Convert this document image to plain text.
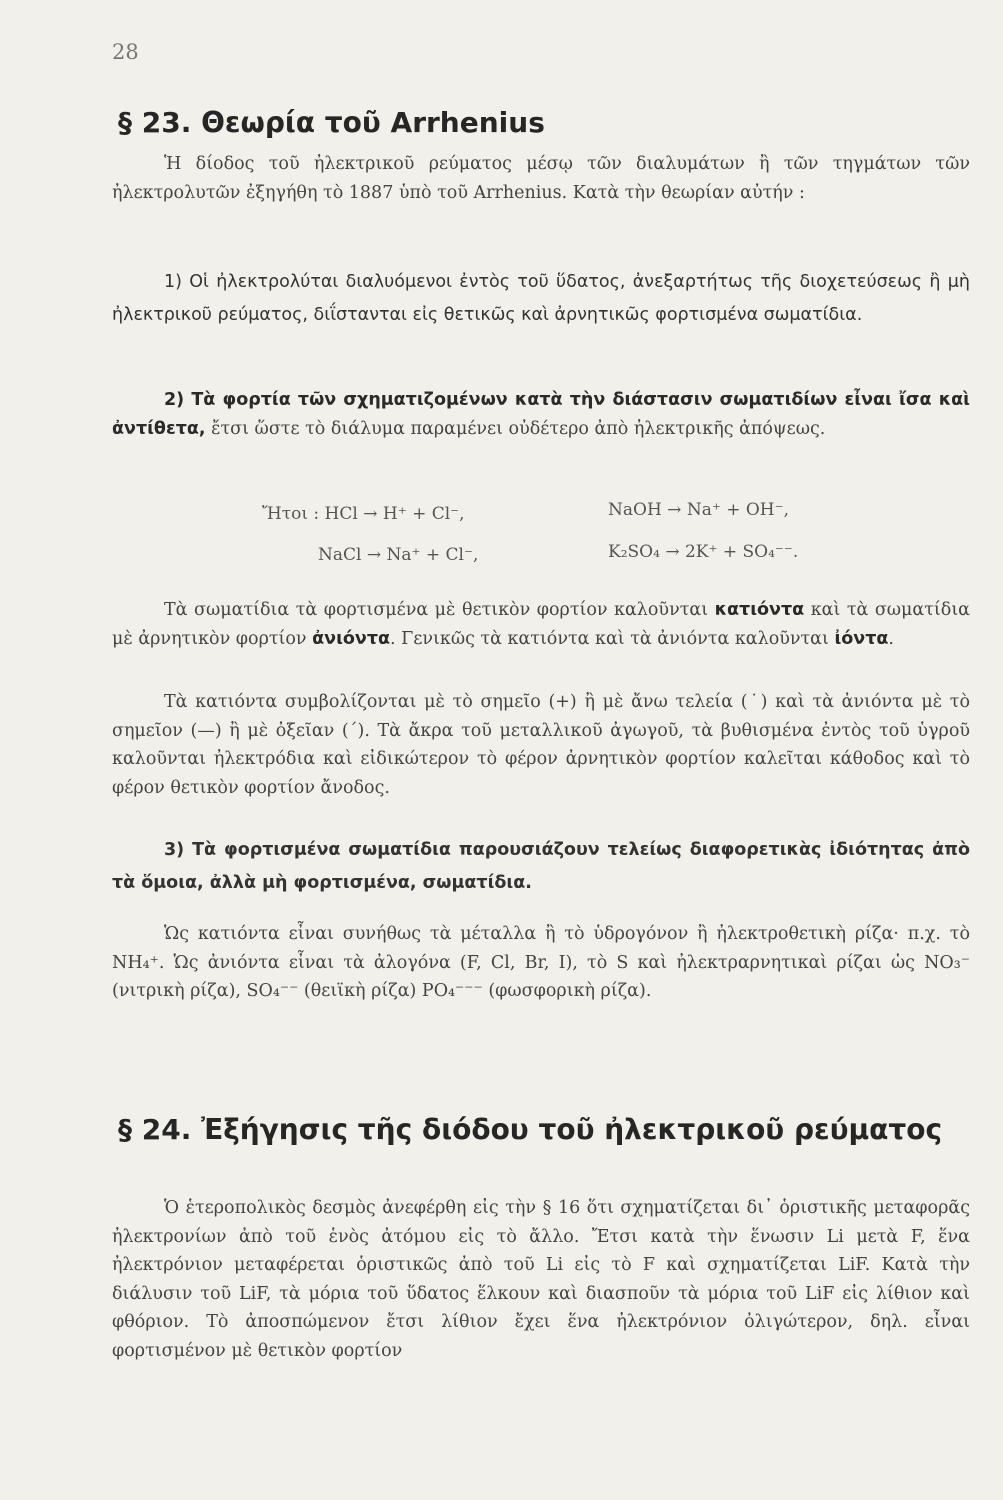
28
§ 23. Θεωρία τοῦ Arrhenius
Ἡ δίοδος τοῦ ἠλεκτρικοῦ ρεύματος μέσῳ τῶν διαλυμάτων ἢ τῶν τηγμάτων τῶν ἠλεκτρολυτῶν ἐξηγήθη τὸ 1887 ὑπὸ τοῦ Arrhenius. Κατὰ τὴν θεωρίαν αὐτήν :
1) Οἱ ἠλεκτρολύται διαλυόμενοι ἐντὸς τοῦ ὕδατος, ἀνεξαρτήτως τῆς διοχετεύσεως ἢ μὴ ἠλεκτρικοῦ ρεύματος, διΐστανται εἰς θετικῶς καὶ ἀρνητικῶς φορτισμένα σωματίδια.
2) Τὰ φορτία τῶν σχηματιζομένων κατὰ τὴν διάστασιν σωματιδίων εἶναι ἴσα καὶ ἀντίθετα, ἔτσι ὥστε τὸ διάλυμα παραμένει οὐδέτερο ἀπὸ ἠλεκτρικῆς ἀπόψεως.
Ἤτοι : HCl → H⁺ + Cl⁻,	NaOH → Na⁺ + OH⁻,
NaCl → Na⁺ + Cl⁻,	K₂SO₄ → 2K⁺ + SO₄⁻⁻.
Τὰ σωματίδια τὰ φορτισμένα μὲ θετικὸν φορτίον καλοῦνται κατιόντα καὶ τὰ σωματίδια μὲ ἀρνητικὸν φορτίον ἀνιόντα. Γενικῶς τὰ κατιόντα καὶ τὰ ἀνιόντα καλοῦνται ἰόντα.
Τὰ κατιόντα συμβολίζονται μὲ τὸ σημεῖο (+) ἢ μὲ ἄνω τελεία (˙) καὶ τὰ ἀνιόντα μὲ τὸ σημεῖον (—) ἢ μὲ ὀξεῖαν (΄). Τὰ ἄκρα τοῦ μεταλλικοῦ ἀγωγοῦ, τὰ βυθισμένα ἐντὸς τοῦ ὑγροῦ καλοῦνται ἠλεκτρόδια καὶ εἰδικώτερον τὸ φέρον ἀρνητικὸν φορτίον καλεῖται κάθοδος καὶ τὸ φέρον θετικὸν φορτίον ἄνοδος.
3) Τὰ φορτισμένα σωματίδια παρουσιάζουν τελείως διαφορετικὰς ἰδιότητας ἀπὸ τὰ ὅμοια, ἀλλὰ μὴ φορτισμένα, σωματίδια.
Ὡς κατιόντα εἶναι συνήθως τὰ μέταλλα ἢ τὸ ὑδρογόνον ἢ ἠλεκτροθετικὴ ρίζα· π.χ. τὸ NH₄⁺. Ὡς ἀνιόντα εἶναι τὰ ἀλογόνα (F, Cl, Br, I), τὸ S καὶ ἠλεκτραρνητικαὶ ρίζαι ὡς NO₃⁻ (νιτρικὴ ρίζα), SO₄⁻⁻ (θειϊκὴ ρίζα) PO₄⁻⁻⁻ (φωσφορικὴ ρίζα).
§ 24. Ἐξήγησις τῆς διόδου τοῦ ἠλεκτρικοῦ ρεύματος
Ὁ ἑτεροπολικὸς δεσμὸς ἀνεφέρθη εἰς τὴν § 16 ὅτι σχηματίζεται δι᾽ ὁριστικῆς μεταφορᾶς ἠλεκτρονίων ἀπὸ τοῦ ἑνὸς ἀτόμου εἰς τὸ ἄλλο. Ἔτσι κατὰ τὴν ἕνωσιν Li μετὰ F, ἕνα ἠλεκτρόνιον μεταφέρεται ὁριστικῶς ἀπὸ τοῦ Li εἰς τὸ F καὶ σχηματίζεται LiF. Κατὰ τὴν διάλυσιν τοῦ LiF, τὰ μόρια τοῦ ὕδατος ἕλκουν καὶ διασποῦν τὰ μόρια τοῦ LiF εἰς λίθιον καὶ φθόριον. Τὸ ἀποσπώμενον ἔτσι λίθιον ἔχει ἕνα ἠλεκτρόνιον ὀλιγώτερον, δηλ. εἶναι φορτισμένον μὲ θετικὸν φορτίον
